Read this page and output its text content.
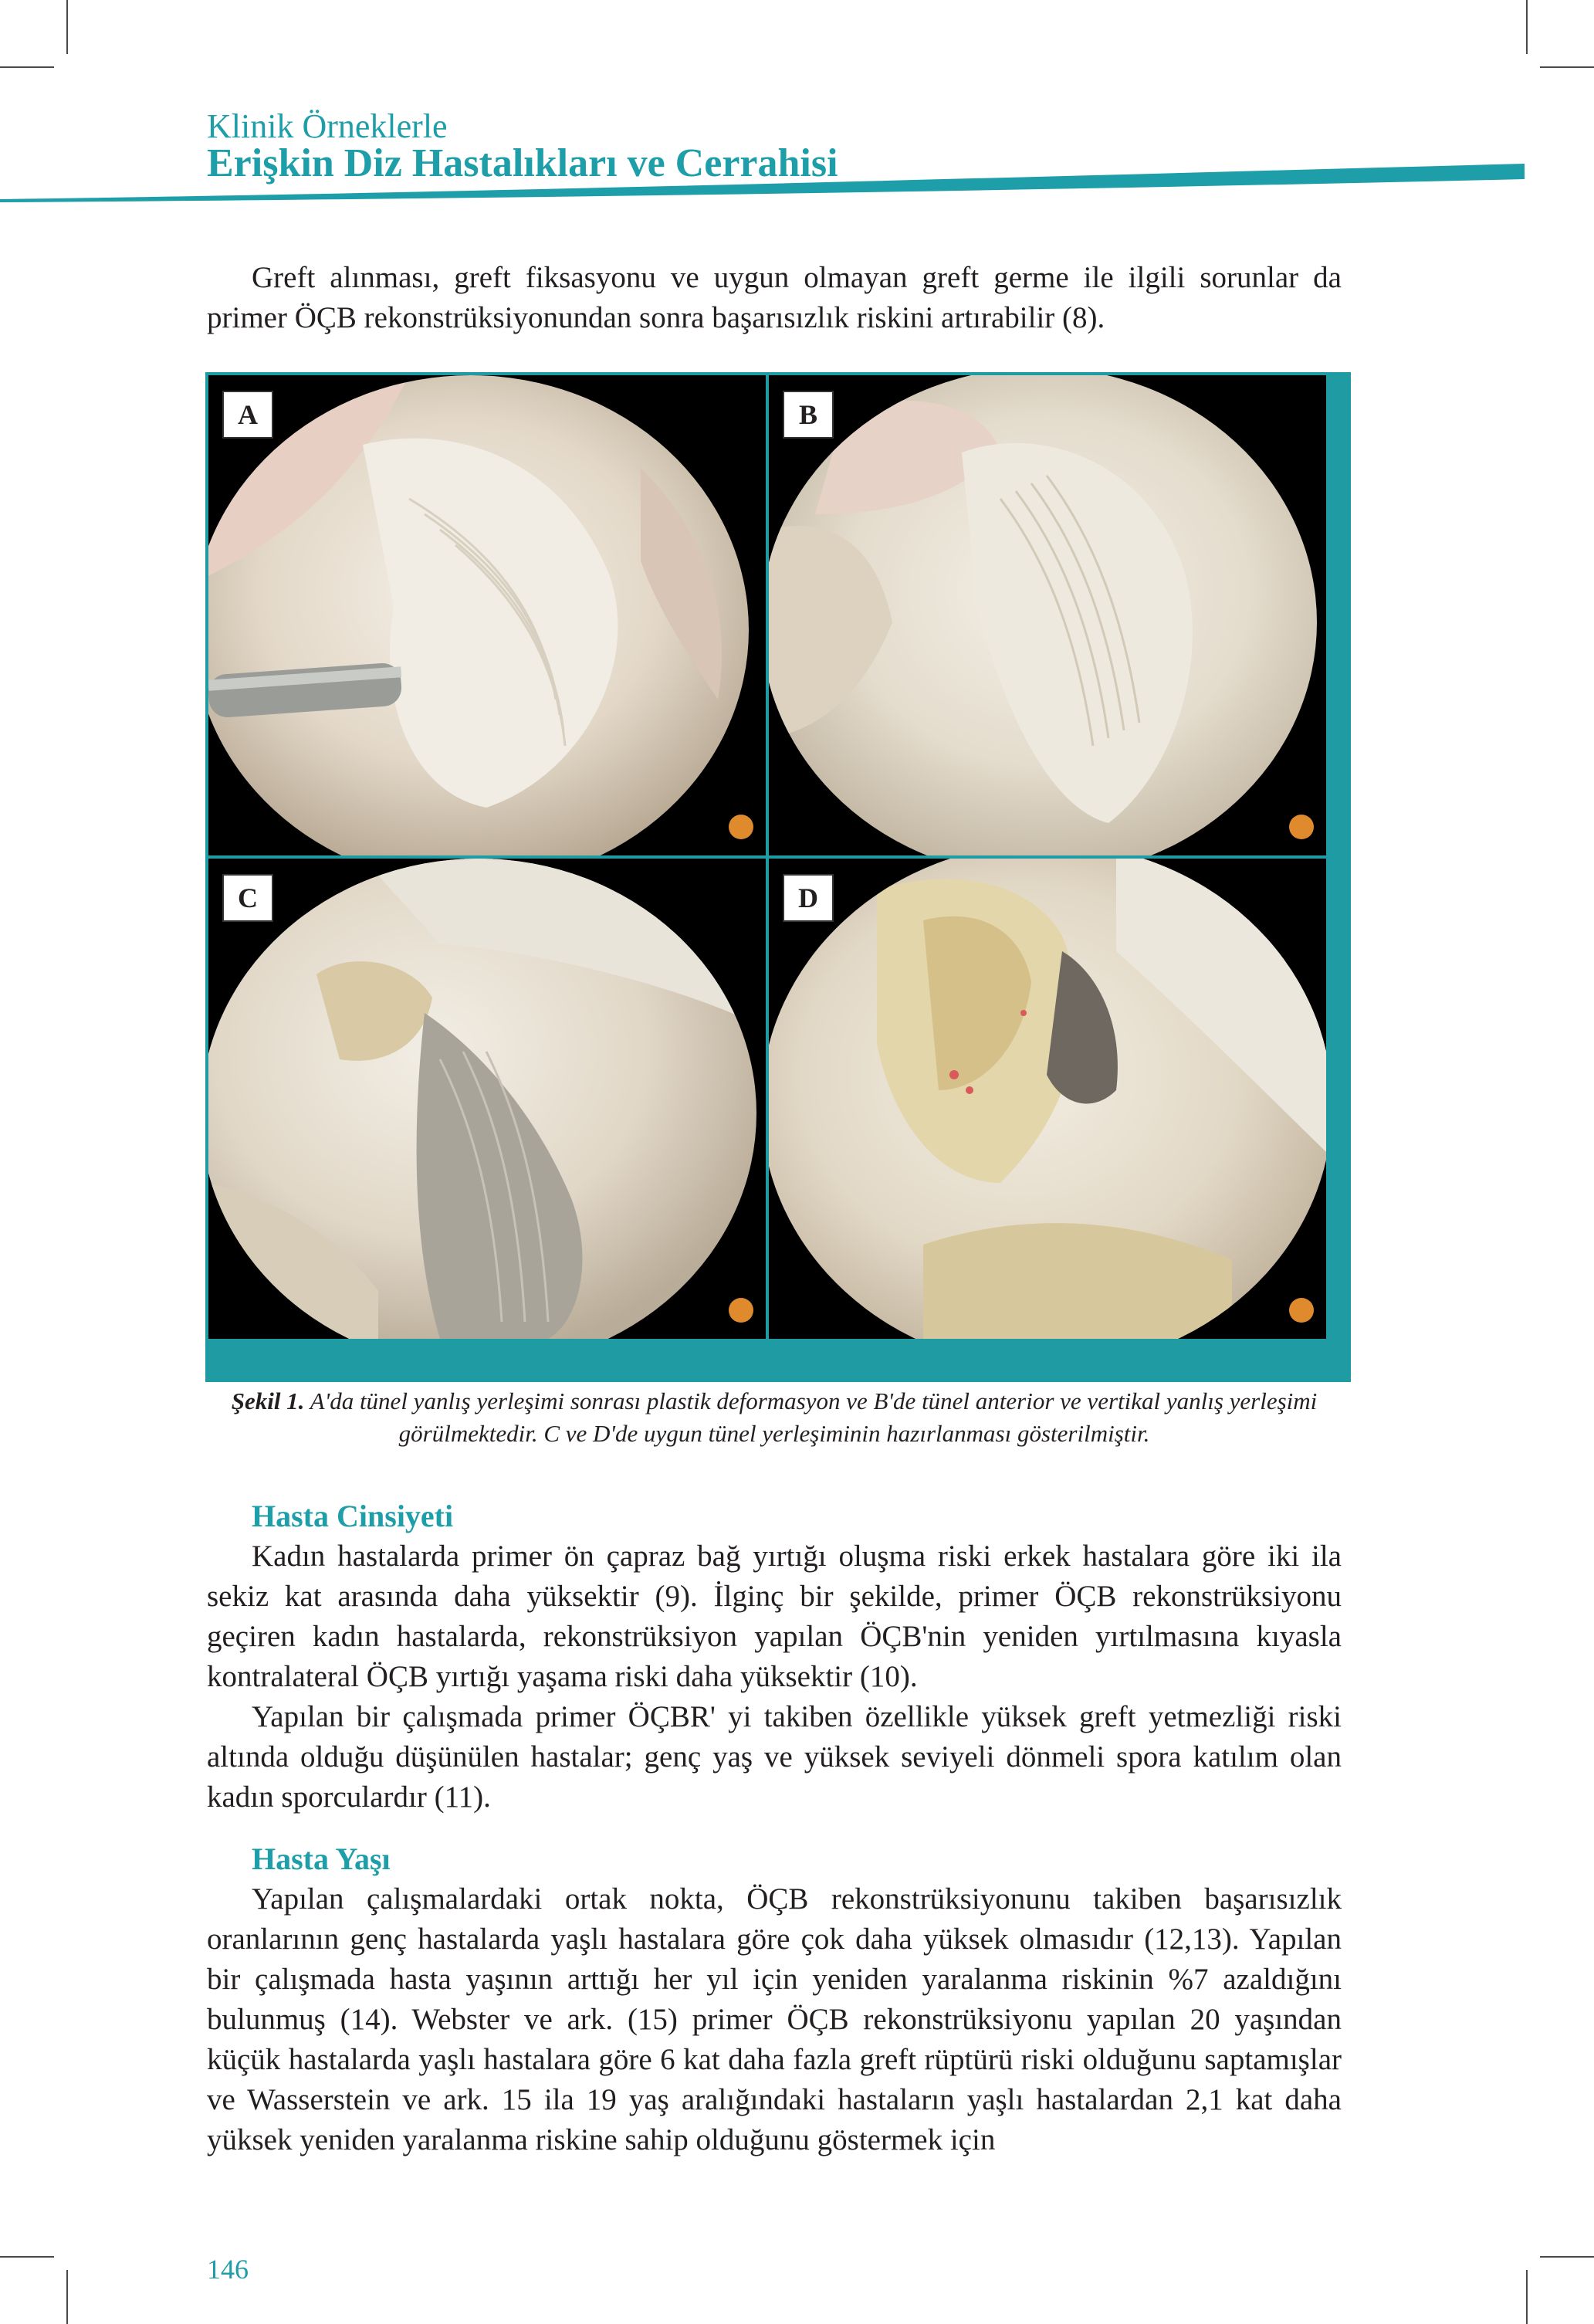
Klinik Örneklerle
Erişkin Diz Hastalıkları ve Cerrahisi

Greft alınması, greft fiksasyonu ve uygun olmayan greft germe ile ilgili sorunlar da primer ÖÇB rekonstrüksiyonundan sonra başarısızlık riskini artırabilir (8).

A	B
C	D
Şekil 1. A'da tünel yanlış yerleşimi sonrası plastik deformasyon ve B'de tünel anterior ve vertikal yanlış yerleşimi görülmektedir. C ve D'de uygun tünel yerleşiminin hazırlanması gösterilmiştir.
Hasta Cinsiyeti

Kadın hastalarda primer ön çapraz bağ yırtığı oluşma riski erkek hastalara göre iki ila sekiz kat arasında daha yüksektir (9). İlginç bir şekilde, primer ÖÇB rekonstrüksiyonu geçiren kadın hastalarda, rekonstrüksiyon yapılan ÖÇB'nin yeniden yırtılmasına kıyasla kontralateral ÖÇB yırtığı yaşama riski daha yüksektir (10).

Yapılan bir çalışmada primer ÖÇBR' yi takiben özellikle yüksek greft yetmezliği riski altında olduğu düşünülen hastalar; genç yaş ve yüksek seviyeli dönmeli spora katılım olan kadın sporculardır (11).

Hasta Yaşı

Yapılan çalışmalardaki ortak nokta, ÖÇB rekonstrüksiyonunu takiben başarısızlık oranlarının genç hastalarda yaşlı hastalara göre çok daha yüksek olmasıdır (12,13). Yapılan bir çalışmada hasta yaşının arttığı her yıl için yeniden yaralanma riskinin %7 azaldığını bulunmuş (14). Webster ve ark. (15) primer ÖÇB rekonstrüksiyonu yapılan 20 yaşından küçük hastalarda yaşlı hastalara göre 6 kat daha fazla greft rüptürü riski olduğunu saptamışlar ve Wasserstein ve ark. 15 ila 19 yaş aralığındaki hastaların yaşlı hastalardan 2,1 kat daha yüksek yeniden yaralanma riskine sahip olduğunu göstermek için

146
